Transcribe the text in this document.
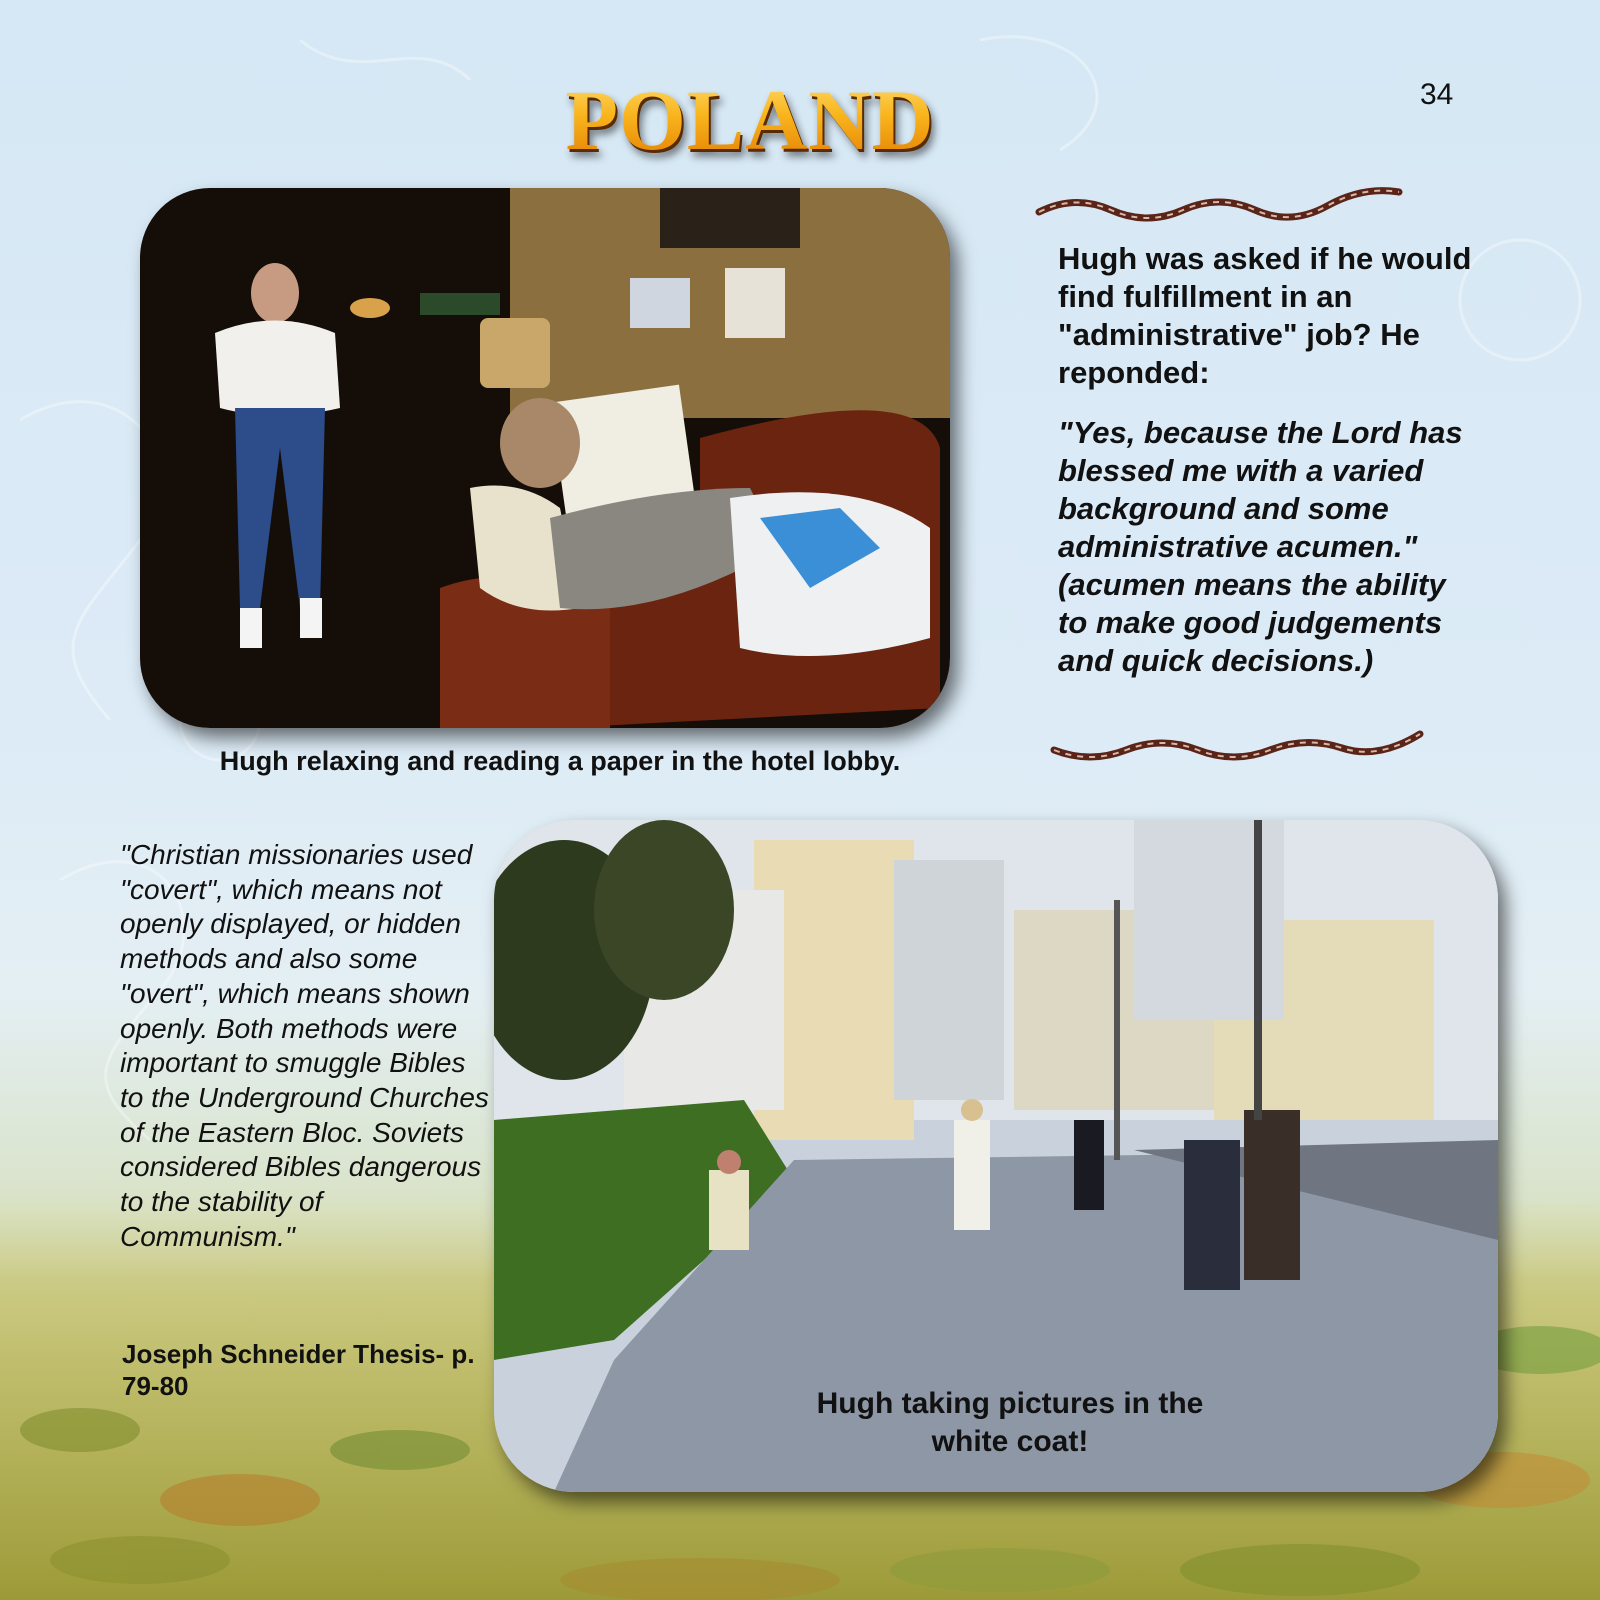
POLAND	34
Hugh relaxing and reading a paper in the hotel lobby.
Hugh was asked if he would find fulfillment in an "administrative" job? He reponded:
"Yes, because the Lord has blessed me with a varied background and some administrative acumen." (acumen means the ability to make good judgements and quick decisions.)
"Christian missionaries used "covert", which means not openly displayed, or hidden methods and also some "overt", which means shown openly. Both methods were important to smuggle Bibles to the Underground Churches of the Eastern Bloc. Soviets considered Bibles dangerous to the stability of Communism."
Joseph Schneider Thesis- p. 79-80
Hugh taking pictures in the
white coat!
